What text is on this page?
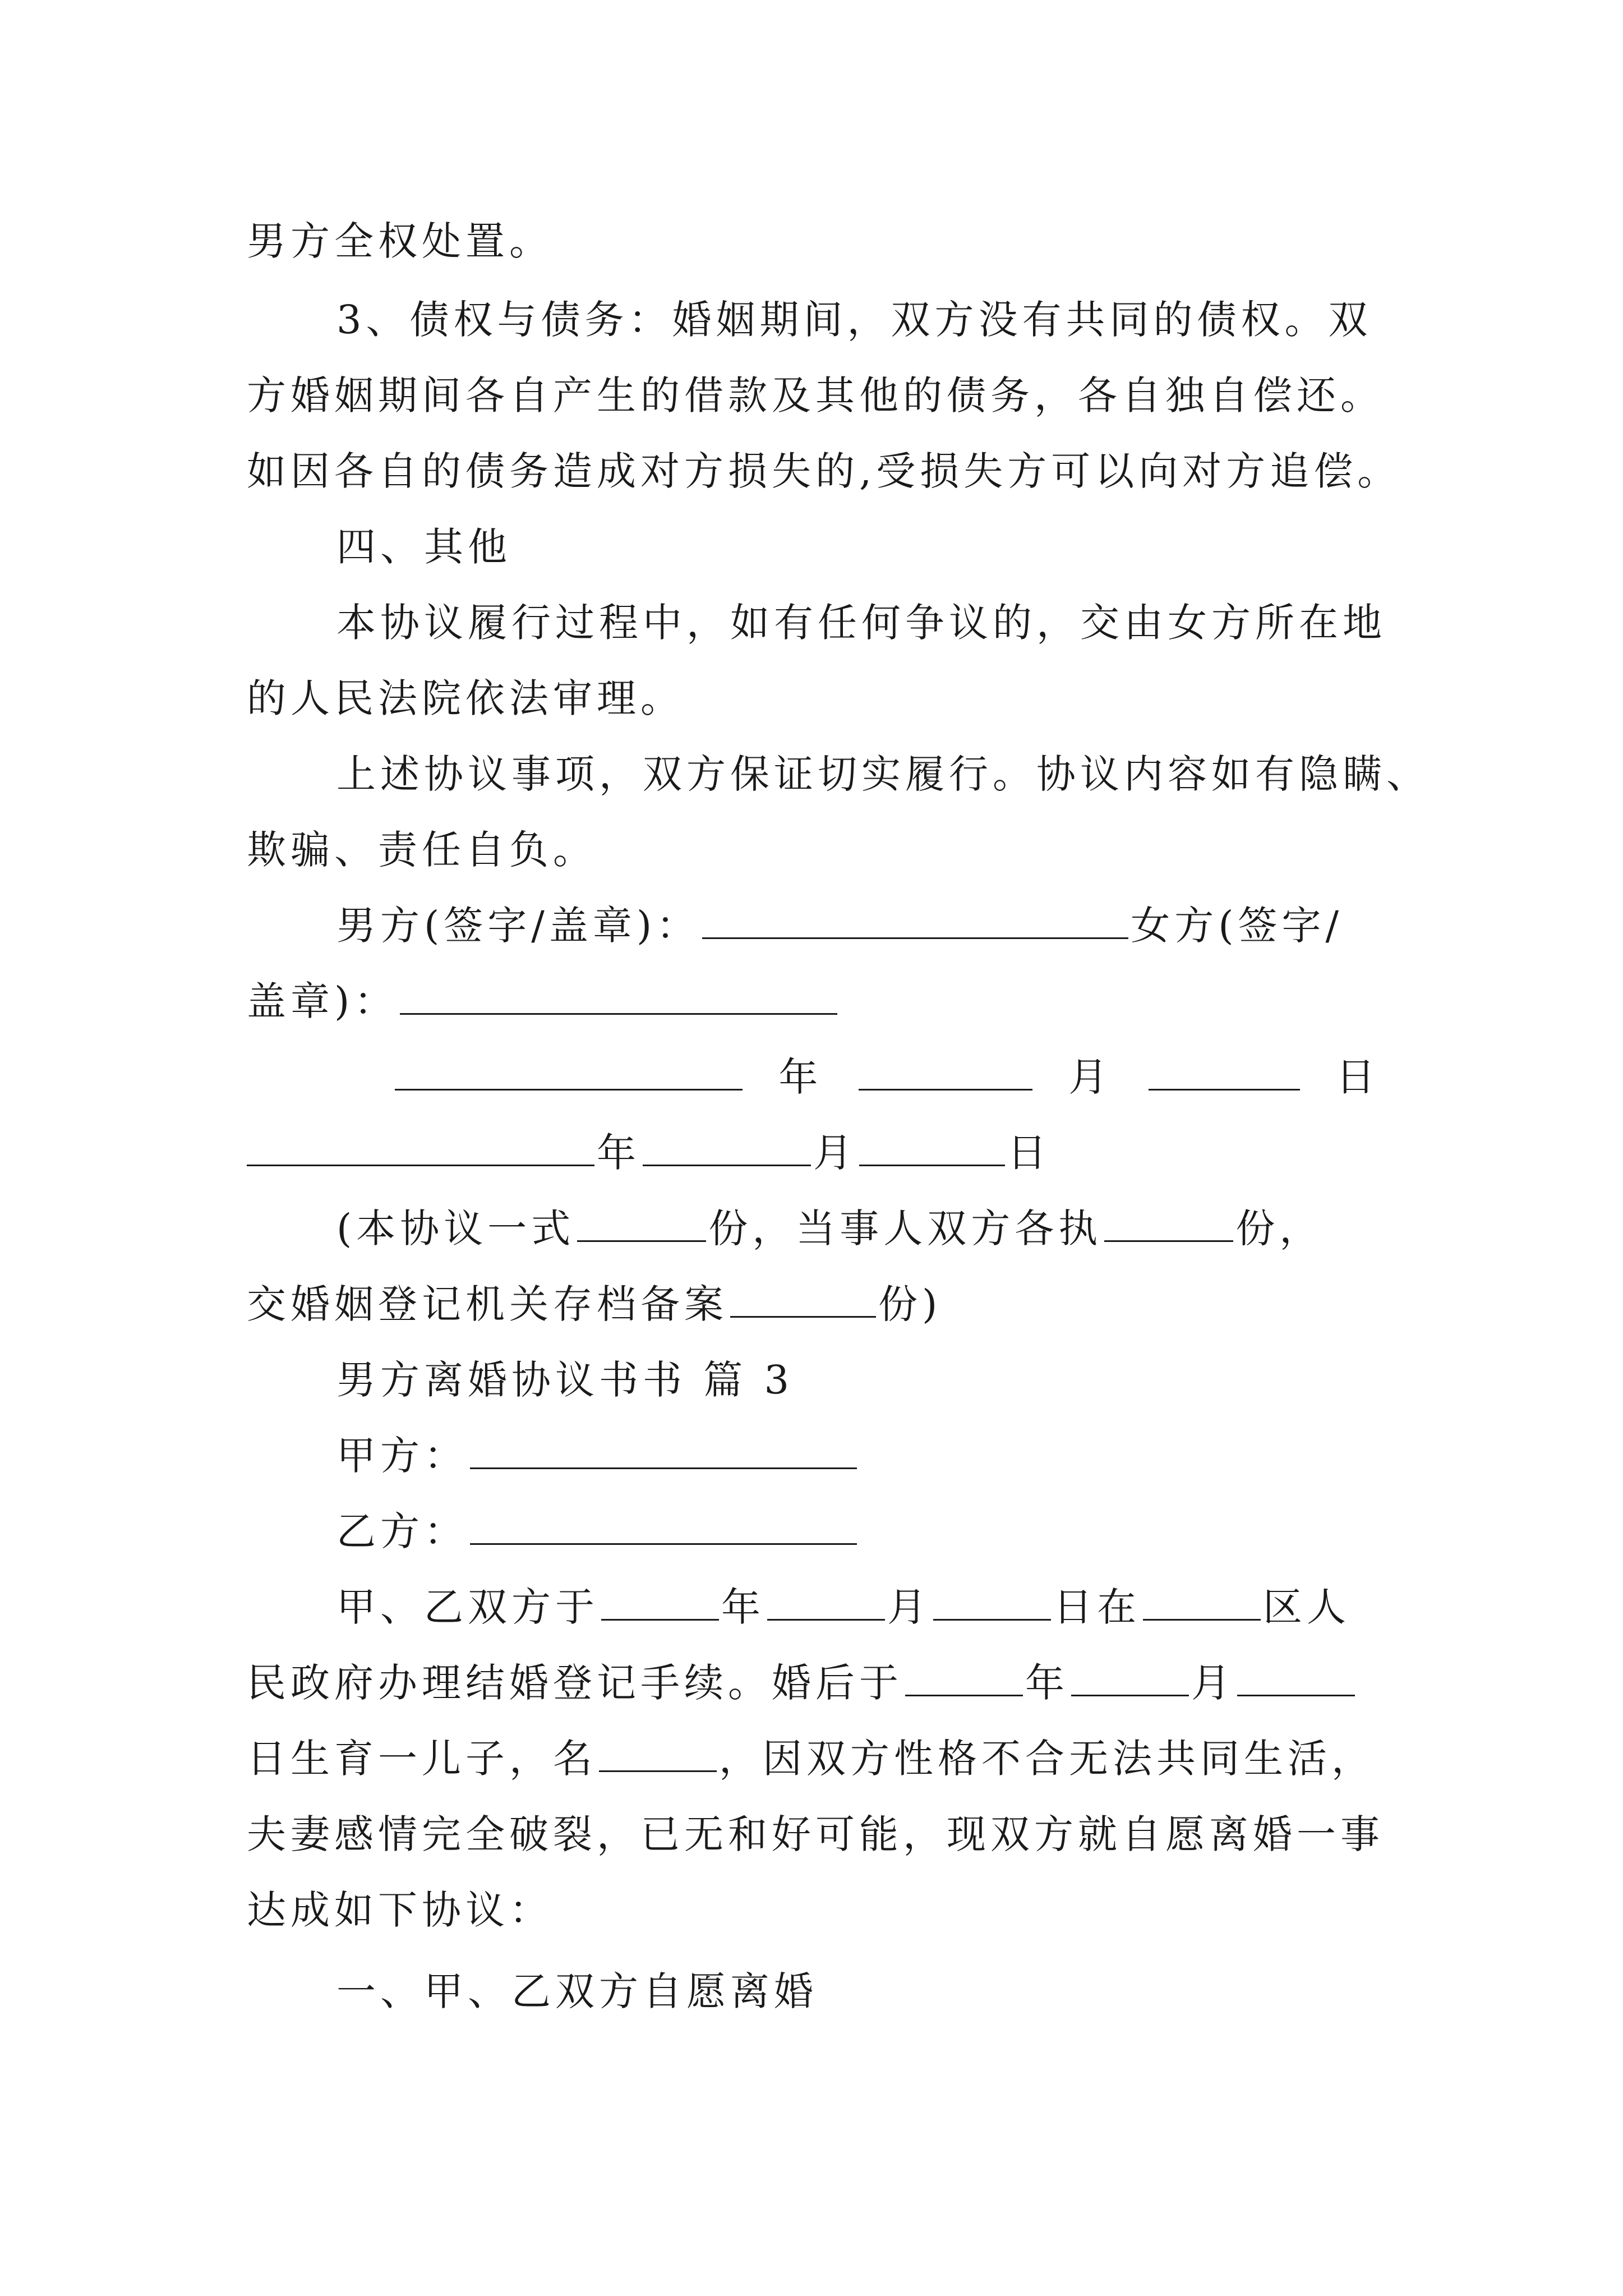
男方全权处置。
3、债权与债务：婚姻期间，双方没有共同的债权。双
方婚姻期间各自产生的借款及其他的债务，各自独自偿还。
如因各自的债务造成对方损失的,受损失方可以向对方追偿。
四、其他
本协议履行过程中，如有任何争议的，交由女方所在地
的人民法院依法审理。
上述协议事项，双方保证切实履行。协议内容如有隐瞒、
欺骗、责任自负。
男方(签字/盖章)：	女方(签字/
盖章)：
年	月	日
年	月	日
(本协议一式	份，当事人双方各执	份，
交婚姻登记机关存档备案	份)
男方离婚协议书书 篇 3
甲方：
乙方：
甲、乙双方于	年	月	日在	区人
民政府办理结婚登记手续。婚后于	年	月
日生育一儿子，名	，因双方性格不合无法共同生活，
夫妻感情完全破裂，已无和好可能，现双方就自愿离婚一事
达成如下协议：
一、甲、乙双方自愿离婚
